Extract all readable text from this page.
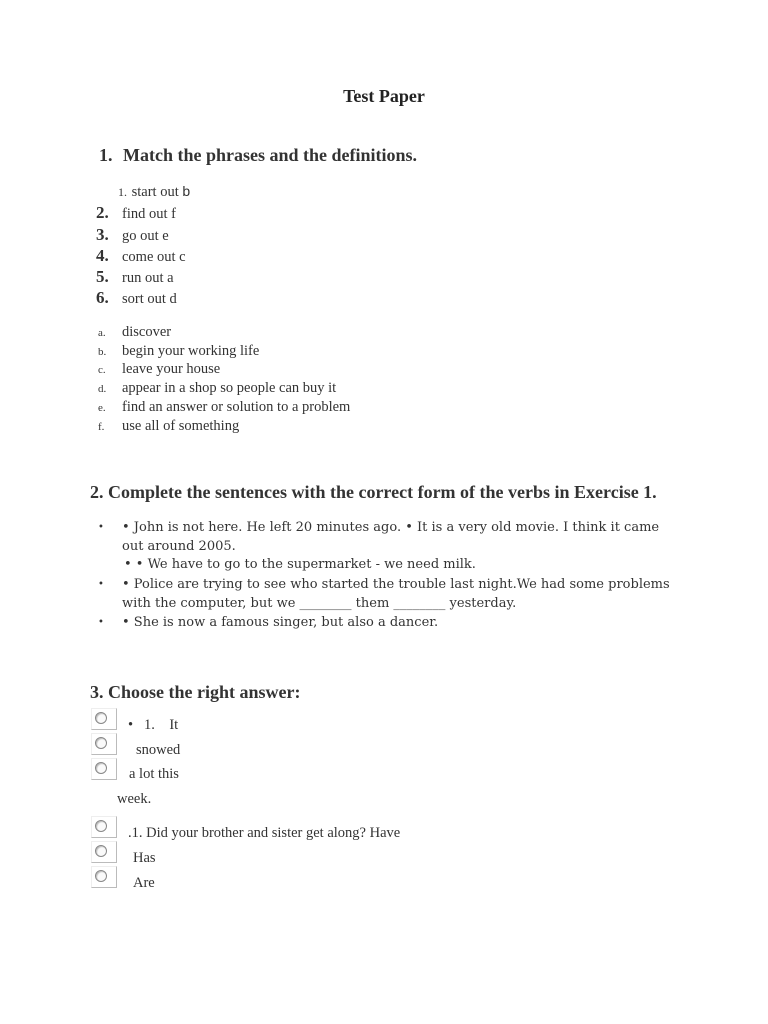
Test Paper
1. Match the phrases and the definitions.
1. start out b
2. find out f
3. go out e
4. come out c
5. run out a
6. sort out d
a.	discover
b.	begin your working life
c.	leave your house
d.	appear in a shop so people can buy it
e.	find an answer or solution to a problem
f.	use all of something
2. Complete the sentences with the correct form of the verbs in Exercise 1.
• • John is not here. He left 20 minutes ago. • It is a very old movie. I think it came out around 2005.
• • We have to go to the supermarket - we need milk.
• • Police are trying to see who started the trouble last night.We had some problems with the computer, but we ________ them ________ yesterday.
• • She is now a famous singer, but also a dancer.
3. Choose the right answer:
•   1.    It
snowed
a lot this
week.
.1. Did your brother and sister get along? Have
Has
Are
